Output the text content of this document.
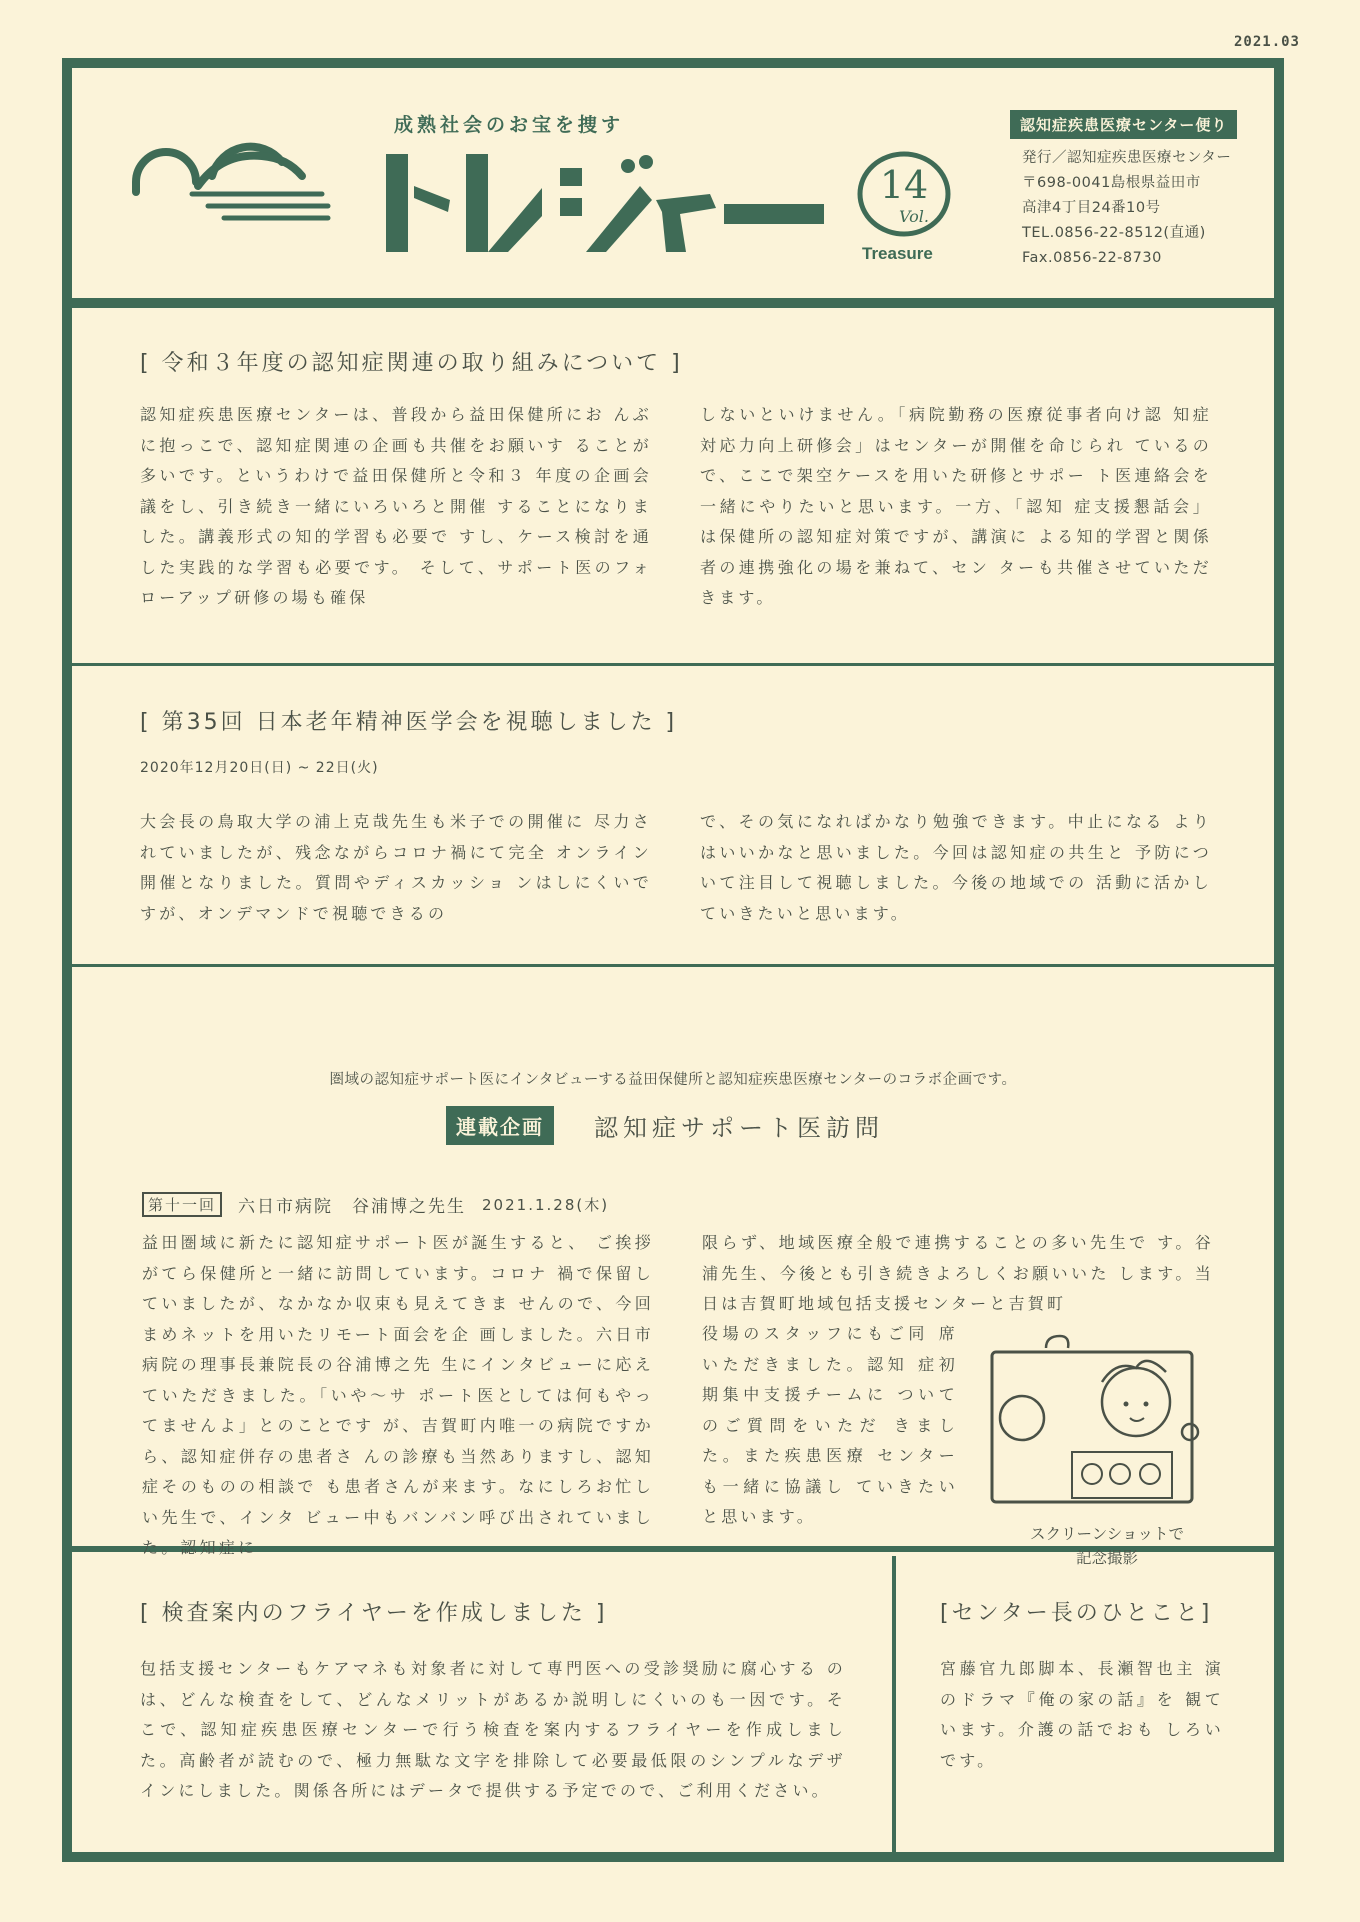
2021.03
成熟社会のお宝を捜す
14
Vol.
Treasure
認知症疾患医療センター便り
発行／認知症疾患医療センター
〒698-0041島根県益田市
高津4丁目24番10号
TEL.0856-22-8512(直通)
Fax.0856-22-8730
[ 令和３年度の認知症関連の取り組みについて ]
認知症疾患医療センターは、普段から益田保健所にお んぶに抱っこで、認知症関連の企画も共催をお願いす ることが多いです。というわけで益田保健所と令和３ 年度の企画会議をし、引き続き一緒にいろいろと開催 することになりました。講義形式の知的学習も必要で すし、ケース検討を通した実践的な学習も必要です。 そして、サポート医のフォローアップ研修の場も確保
しないといけません。「病院勤務の医療従事者向け認 知症対応力向上研修会」はセンターが開催を命じられ ているので、ここで架空ケースを用いた研修とサポー ト医連絡会を一緒にやりたいと思います。一方、「認知 症支援懇話会」は保健所の認知症対策ですが、講演に よる知的学習と関係者の連携強化の場を兼ねて、セン ターも共催させていただきます。
[ 第35回 日本老年精神医学会を視聴しました ]
2020年12月20日(日) ~ 22日(火)
大会長の鳥取大学の浦上克哉先生も米子での開催に 尽力されていましたが、残念ながらコロナ禍にて完全 オンライン開催となりました。質問やディスカッショ ンはしにくいですが、オンデマンドで視聴できるの
で、その気になればかなり勉強できます。中止になる よりはいいかなと思いました。今回は認知症の共生と 予防について注目して視聴しました。今後の地域での 活動に活かしていきたいと思います。
圏域の認知症サポート医にインタビューする益田保健所と認知症疾患医療センターのコラボ企画です。
連載企画	認知症サポート医訪問
第十一回	六日市病院　谷浦博之先生 2021.1.28(木)
益田圏域に新たに認知症サポート医が誕生すると、 ご挨拶がてら保健所と一緒に訪問しています。コロナ 禍で保留していましたが、なかなか収束も見えてきま せんので、今回まめネットを用いたリモート面会を企 画しました。六日市病院の理事長兼院長の谷浦博之先 生にインタビューに応えていただきました。「いや〜サ ポート医としては何もやってませんよ」とのことです が、吉賀町内唯一の病院ですから、認知症併存の患者さ んの診療も当然ありますし、認知症そのものの相談で も患者さんが来ます。なにしろお忙しい先生で、インタ ビュー中もバンバン呼び出されていました。認知症に
限らず、地域医療全般で連携することの多い先生で す。谷浦先生、今後とも引き続きよろしくお願いいた します。当日は吉賀町地域包括支援センターと吉賀町
役場のスタッフにもご同 席いただきました。認知 症初期集中支援チームに ついてのご質問をいただ きました。また疾患医療 センターも一緒に協議し ていきたいと思います。
スクリーンショットで
記念撮影
[ 検査案内のフライヤーを作成しました ]
包括支援センターもケアマネも対象者に対して専門医への受診奨励に腐心する のは、どんな検査をして、どんなメリットがあるか説明しにくいのも一因です。そ こで、認知症疾患医療センターで行う検査を案内するフライヤーを作成しまし た。高齢者が読むので、極力無駄な文字を排除して必要最低限のシンプルなデザ インにしました。関係各所にはデータで提供する予定でので、ご利用ください。
[センター長のひとこと]
宮藤官九郎脚本、長瀬智也主 演のドラマ『俺の家の話』を 観ています。介護の話でおも しろいです。
